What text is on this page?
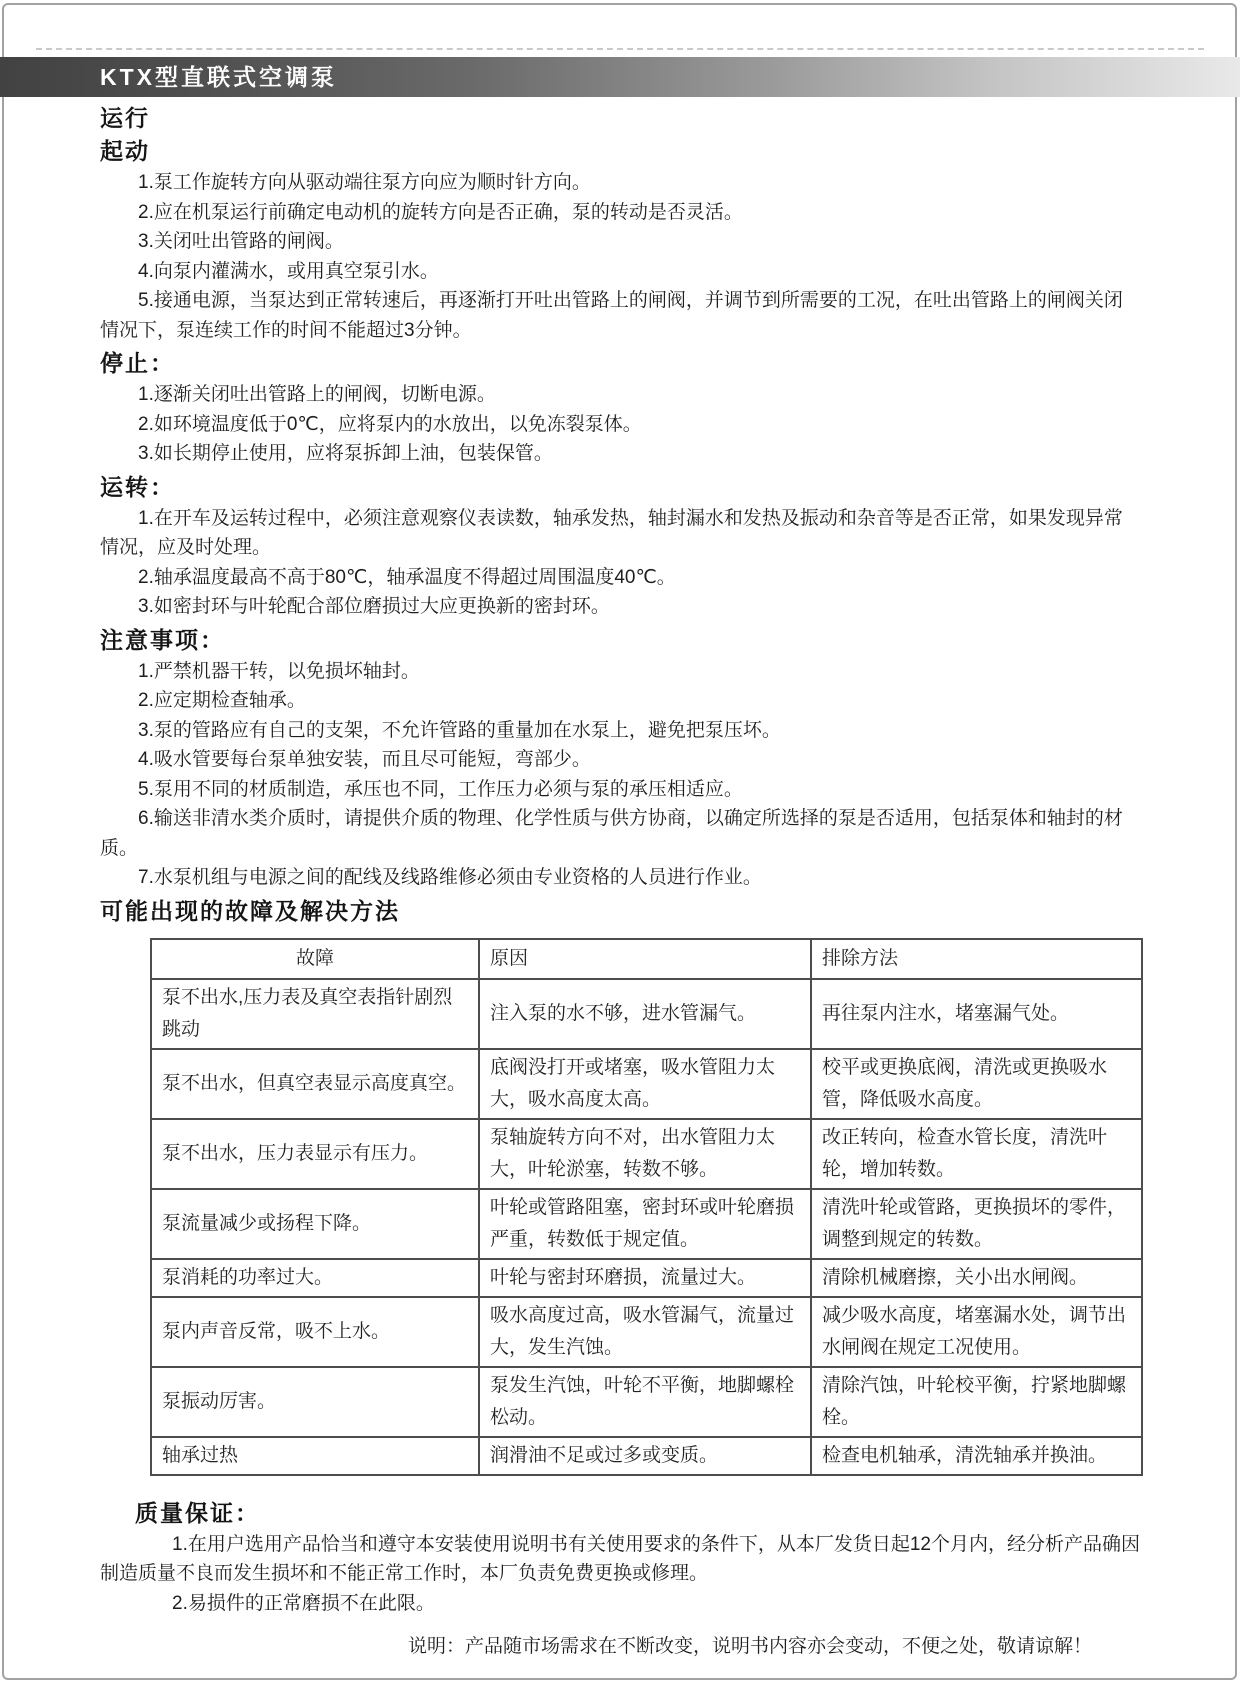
KTX型直联式空调泵
运行
起动

1.泵工作旋转方向从驱动端往泵方向应为顺时针方向。

2.应在机泵运行前确定电动机的旋转方向是否正确，泵的转动是否灵活。

3.关闭吐出管路的闸阀。

4.向泵内灌满水，或用真空泵引水。

5.接通电源，当泵达到正常转速后，再逐渐打开吐出管路上的闸阀，并调节到所需要的工况，在吐出管路上的闸阀关闭情况下，泵连续工作的时间不能超过3分钟。

停止：

1.逐渐关闭吐出管路上的闸阀，切断电源。

2.如环境温度低于0℃，应将泵内的水放出，以免冻裂泵体。

3.如长期停止使用，应将泵拆卸上油，包装保管。

运转：

1.在开车及运转过程中，必须注意观察仪表读数，轴承发热，轴封漏水和发热及振动和杂音等是否正常，如果发现异常情况，应及时处理。

2.轴承温度最高不高于80℃，轴承温度不得超过周围温度40℃。

3.如密封环与叶轮配合部位磨损过大应更换新的密封环。

注意事项：

1.严禁机器干转，以免损坏轴封。

2.应定期检查轴承。

3.泵的管路应有自己的支架，不允许管路的重量加在水泵上，避免把泵压坏。

4.吸水管要每台泵单独安装，而且尽可能短，弯部少。

5.泵用不同的材质制造，承压也不同，工作压力必须与泵的承压相适应。

6.输送非清水类介质时，请提供介质的物理、化学性质与供方协商，以确定所选择的泵是否适用，包括泵体和轴封的材质。

7.水泵机组与电源之间的配线及线路维修必须由专业资格的人员进行作业。

可能出现的故障及解决方法
故障	原因	排除方法
泵不出水,压力表及真空表指针剧烈跳动	注入泵的水不够，进水管漏气。	再往泵内注水，堵塞漏气处。
泵不出水，但真空表显示高度真空。	底阀没打开或堵塞，吸水管阻力太大，吸水高度太高。	校平或更换底阀，清洗或更换吸水管，降低吸水高度。
泵不出水，压力表显示有压力。	泵轴旋转方向不对，出水管阻力太大，叶轮淤塞，转数不够。	改正转向，检查水管长度，清洗叶轮，增加转数。
泵流量减少或扬程下降。	叶轮或管路阻塞，密封环或叶轮磨损严重，转数低于规定值。	清洗叶轮或管路，更换损坏的零件，调整到规定的转数。
泵消耗的功率过大。	叶轮与密封环磨损，流量过大。	清除机械磨擦，关小出水闸阀。
泵内声音反常，吸不上水。	吸水高度过高，吸水管漏气，流量过大，发生汽蚀。	减少吸水高度，堵塞漏水处，调节出水闸阀在规定工况使用。
泵振动厉害。	泵发生汽蚀，叶轮不平衡，地脚螺栓松动。	清除汽蚀，叶轮校平衡，拧紧地脚螺栓。
轴承过热	润滑油不足或过多或变质。	检查电机轴承，清洗轴承并换油。
质量保证：

1.在用户选用产品恰当和遵守本安装使用说明书有关使用要求的条件下，从本厂发货日起12个月内，经分析产品确因制造质量不良而发生损坏和不能正常工作时，本厂负责免费更换或修理。

2.易损件的正常磨损不在此限。

说明：产品随市场需求在不断改变，说明书内容亦会变动，不便之处，敬请谅解！
